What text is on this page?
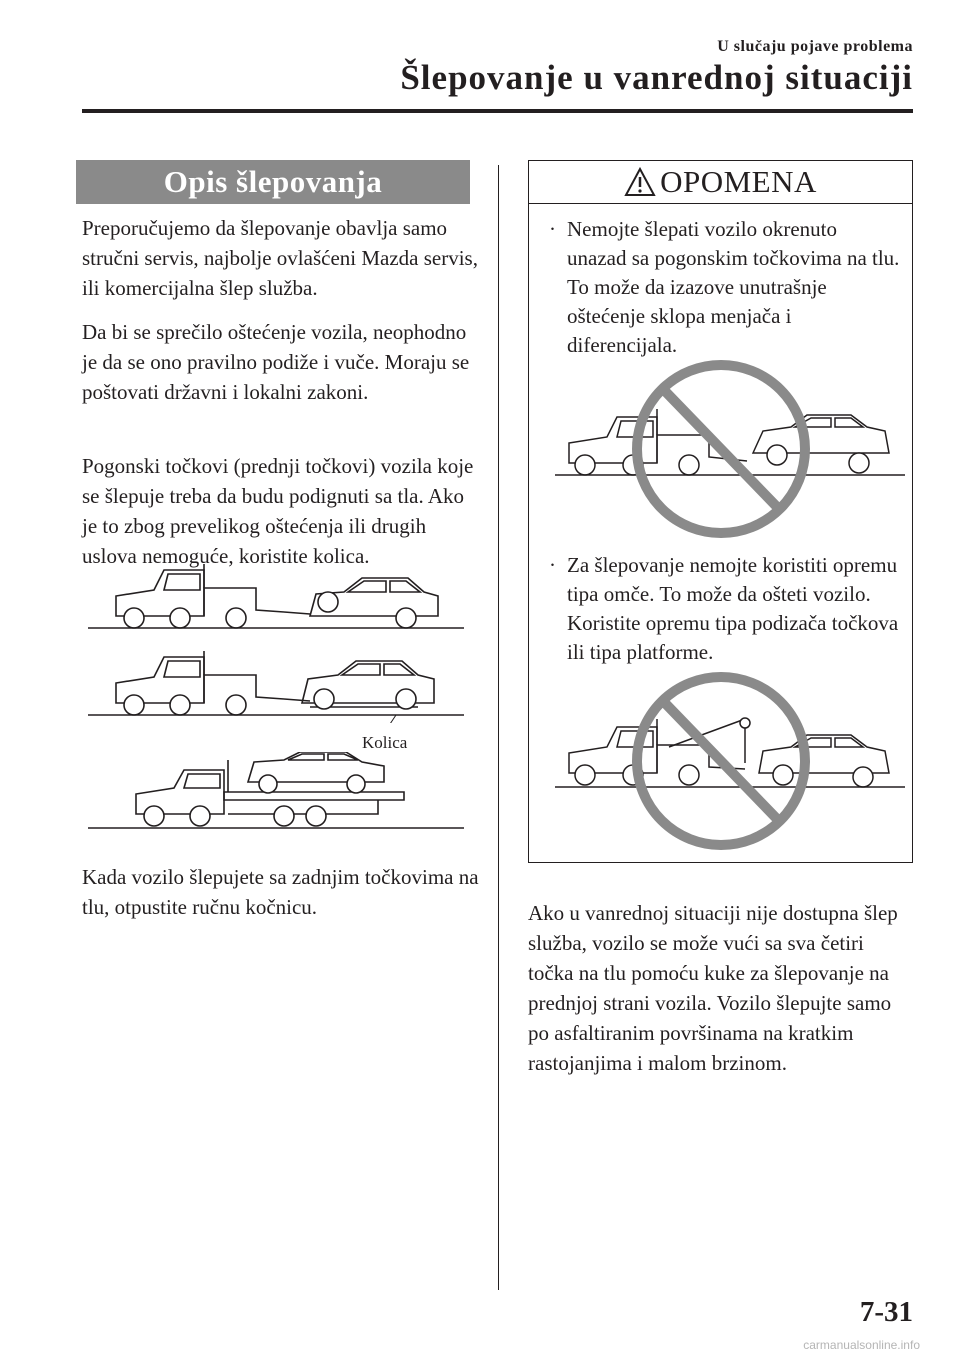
U slučaju pojave problema
Šlepovanje u vanrednoj situaciji
Opis šlepovanja

Preporučujemo da šlepovanje obavlja samo stručni servis, najbolje ovlašćeni Mazda servis, ili komercijalna šlep služba.

Da bi se sprečilo oštećenje vozila, neophodno je da se ono pravilno podiže i vuče. Moraju se poštovati državni i lokalni zakoni.

Pogonski točkovi (prednji točkovi) vozila koje se šlepuje treba da budu podignuti sa tla. Ako je to zbog prevelikog oštećenja ili drugih uslova nemoguće, koristite kolica.

Kolica

Kada vozilo šlepujete sa zadnjim točkovima na tlu, otpustite ručnu kočnicu.

OPOMENA
· Nemojte šlepati vozilo okrenuto unazad sa pogonskim točkovima na tlu. To može da izazove unutrašnje oštećenje sklopa menjača i diferencijala.
· Za šlepovanje nemojte koristiti opremu tipa omče. To može da ošteti vozilo. Koristite opremu tipa podizača točkova ili tipa platforme.

Ako u vanrednoj situaciji nije dostupna šlep služba, vozilo se može vući sa sva četiri točka na tlu pomoću kuke za šlepovanje na prednjoj strani vozila. Vozilo šlepujte samo po asfaltiranim površinama na kratkim rastojanjima i malom brzinom.

7-31
carmanualsonline.info
